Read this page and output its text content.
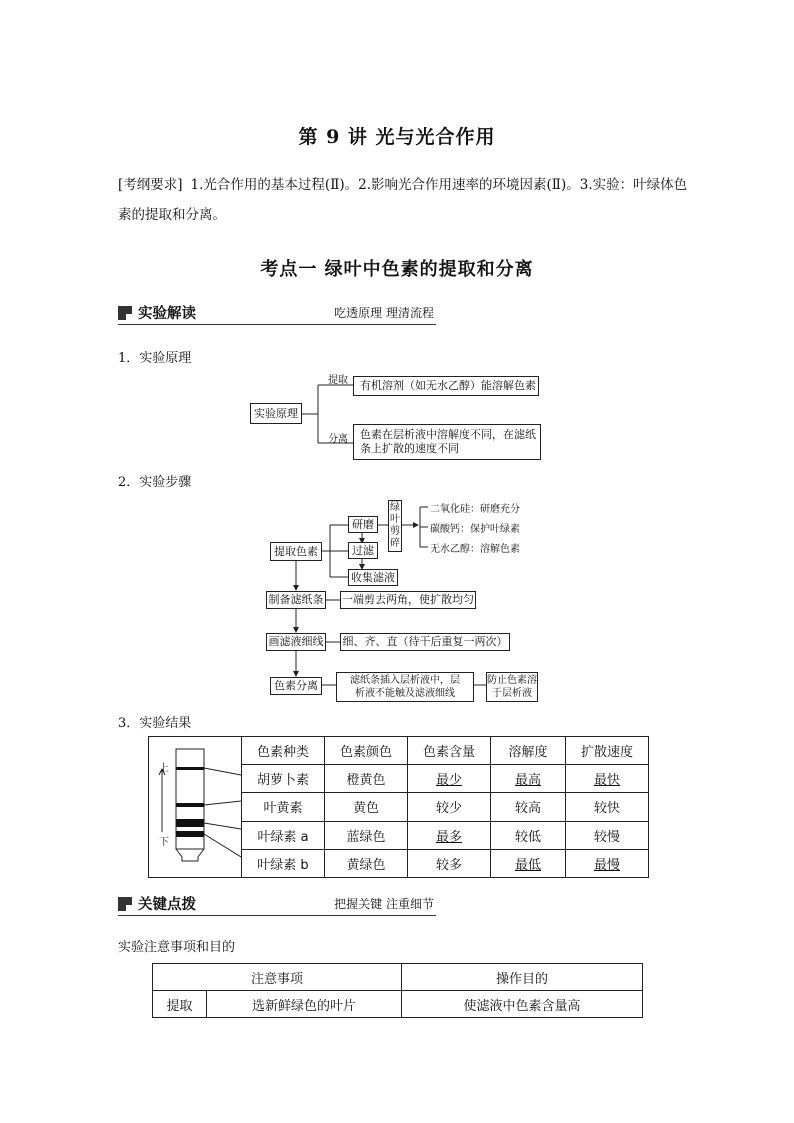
第 9 讲 光与光合作用
[考纲要求] 1.光合作用的基本过程(Ⅱ)。2.影响光合作用速率的环境因素(Ⅱ)。3.实验：叶绿体色素的提取和分离。
考点一 绿叶中色素的提取和分离
实验解读	吃透原理 理清流程
1．实验原理
实验原理
提取	有机溶剂（如无水乙醇）能溶解色素
分离 色素在层析液中溶解度不同，在滤纸
条上扩散的速度不同
2．实验步骤
提取色素
研磨
过滤
收集滤液
绿
叶
剪
碎
二氧化硅：研磨充分
碳酸钙：保护叶绿素
无水乙醇：溶解色素
制备滤纸条 一端剪去两角，使扩散均匀
画滤液细线 细、齐、直（待干后重复一两次）
色素分离	滤纸条插入层析液中，层
析液不能触及滤液细线
防止色素溶
于层析液
3．实验结果
上
下	色素种类	色素颜色	色素含量	溶解度	扩散速度
	胡萝卜素	橙黄色	最少	最高	最快
	叶黄素	黄色	较少	较高	较快
	叶绿素 a	蓝绿色	最多	较低	较慢
	叶绿素 b	黄绿色	较多	最低	最慢
关键点拨	把握关键 注重细节
实验注意事项和目的
注意事项		操作目的
提取	选新鲜绿色的叶片	使滤液中色素含量高
